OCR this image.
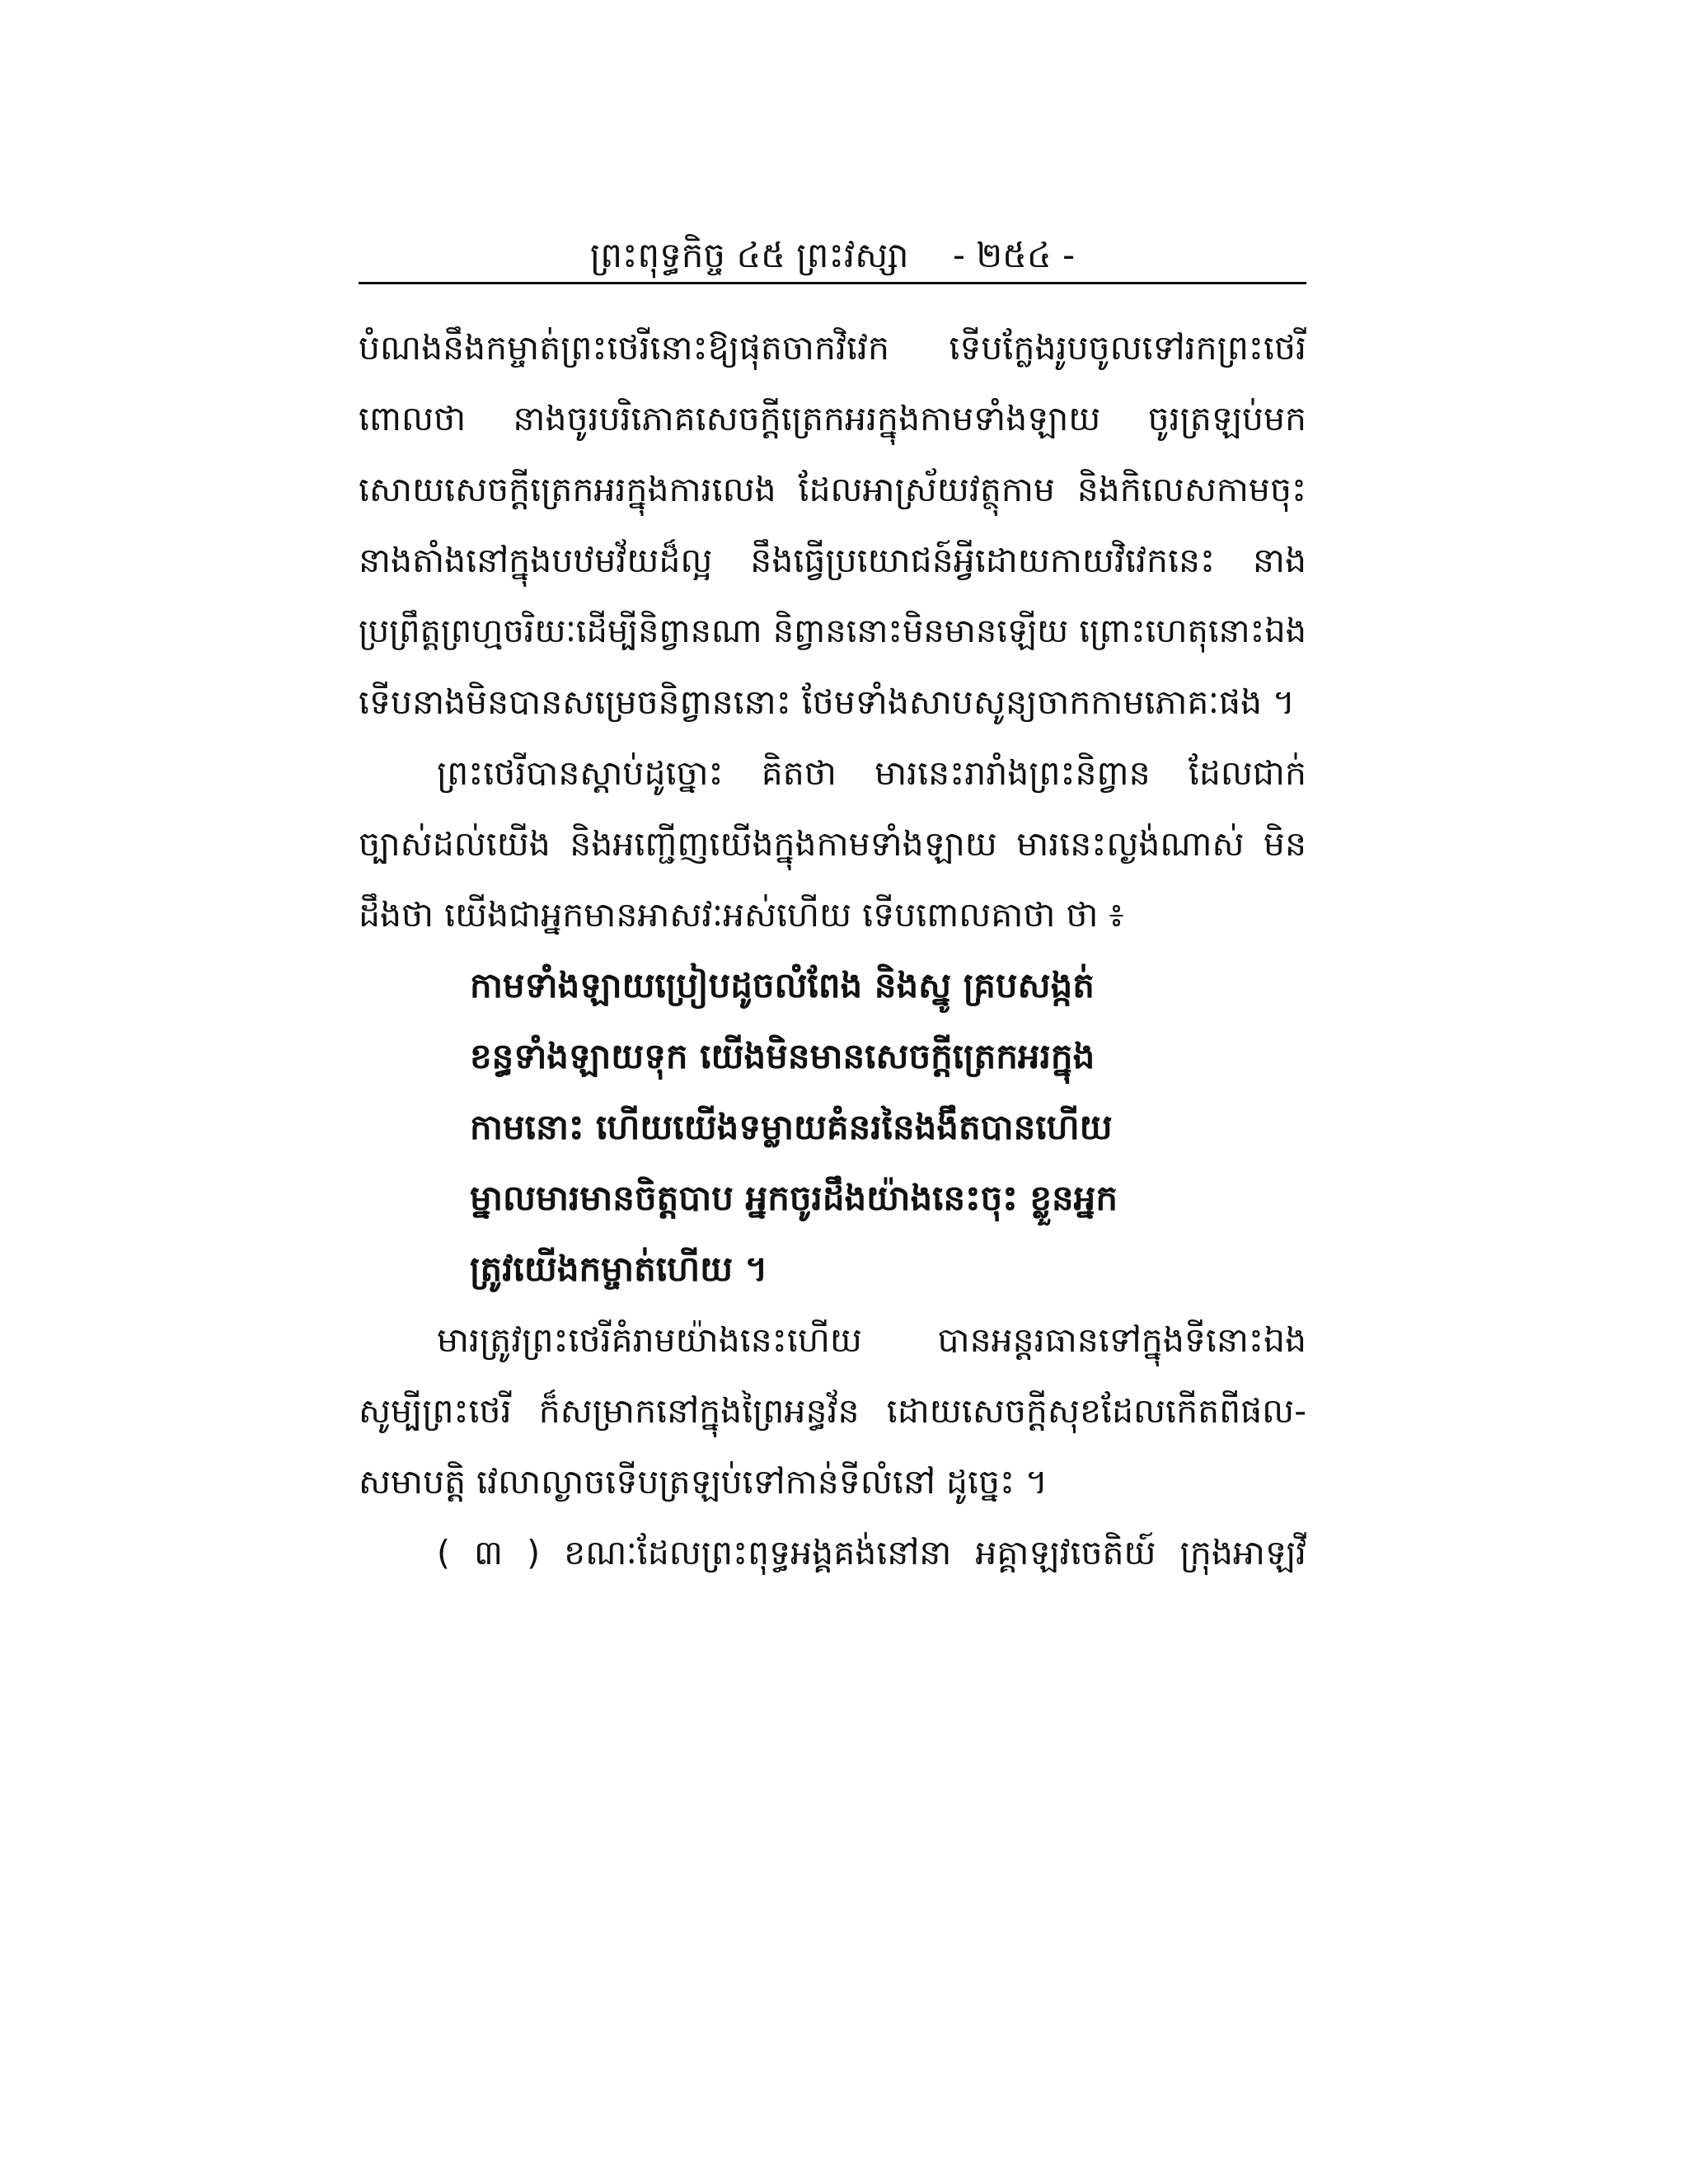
ព្រះពុទ្ធកិច្ច ៤៥ ព្រះវស្សា - ២៥៤ -
បំណងនឹងកម្ចាត់ព្រះថេរីនោះឱ្យផុតចាកវិវេក ទើបក្លែងរូបចូលទៅរកព្រះថេរី
ពោលថា នាងចូរបរិភោគសេចក្តីត្រេកអរក្នុងកាមទាំងឡាយ ចូរត្រឡប់មក
សោយសេចក្តីត្រេកអរក្នុងការលេង ដែលអាស្រ័យវត្ថុកាម និងកិលេសកាមចុះ
នាងតាំងនៅក្នុងបឋមវ័យដ៏ល្អ នឹងធ្វើប្រយោជន៍អ្វីដោយកាយវិវេកនេះ នាង
ប្រព្រឹត្តព្រហ្មចរិយៈដើម្បីនិព្វានណា និព្វាននោះមិនមានឡើយ ព្រោះហេតុនោះឯង
ទើបនាងមិនបានសម្រេចនិព្វាននោះ ថែមទាំងសាបសូន្យចាកកាមភោគៈផង ។
ព្រះថេរីបានស្តាប់ដូច្នោះ គិតថា មារនេះរារាំងព្រះនិព្វាន ដែលជាក់
ច្បាស់ដល់យើង និងអញ្ជើញយើងក្នុងកាមទាំងឡាយ មារនេះល្ងង់ណាស់ មិន
ដឹងថា យើងជាអ្នកមានអាសវៈអស់ហើយ ទើបពោលគាថា ថា ៖
កាមទាំងឡាយប្រៀបដូចលំពែង និងស្នូ គ្របសង្កត់
ខន្ធទាំងឡាយទុក យើងមិនមានសេចក្តីត្រេកអរក្នុង
កាមនោះ ហើយយើងទម្លាយគំនរនៃងងឹតបានហើយ
ម្នាលមារមានចិត្តបាប អ្នកចូរដឹងយ៉ាងនេះចុះ ខ្លួនអ្នក
ត្រូវយើងកម្ចាត់ហើយ ។
មារត្រូវព្រះថេរីគំរាមយ៉ាងនេះហើយ បានអន្តរធានទៅក្នុងទីនោះឯង
សូម្បីព្រះថេរី ក៏សម្រាកនៅក្នុងព្រៃអន្ធវ័ន ដោយសេចក្តីសុខដែលកើតពីផល-
សមាបត្តិ វេលាល្ងាចទើបត្រឡប់ទៅកាន់ទីលំនៅ ដូច្នេះ ។
( ៣ ) ខណៈដែលព្រះពុទ្ធអង្គគង់នៅនា អគ្គាឡវចេតិយ៍ ក្រុងអាឡវី
